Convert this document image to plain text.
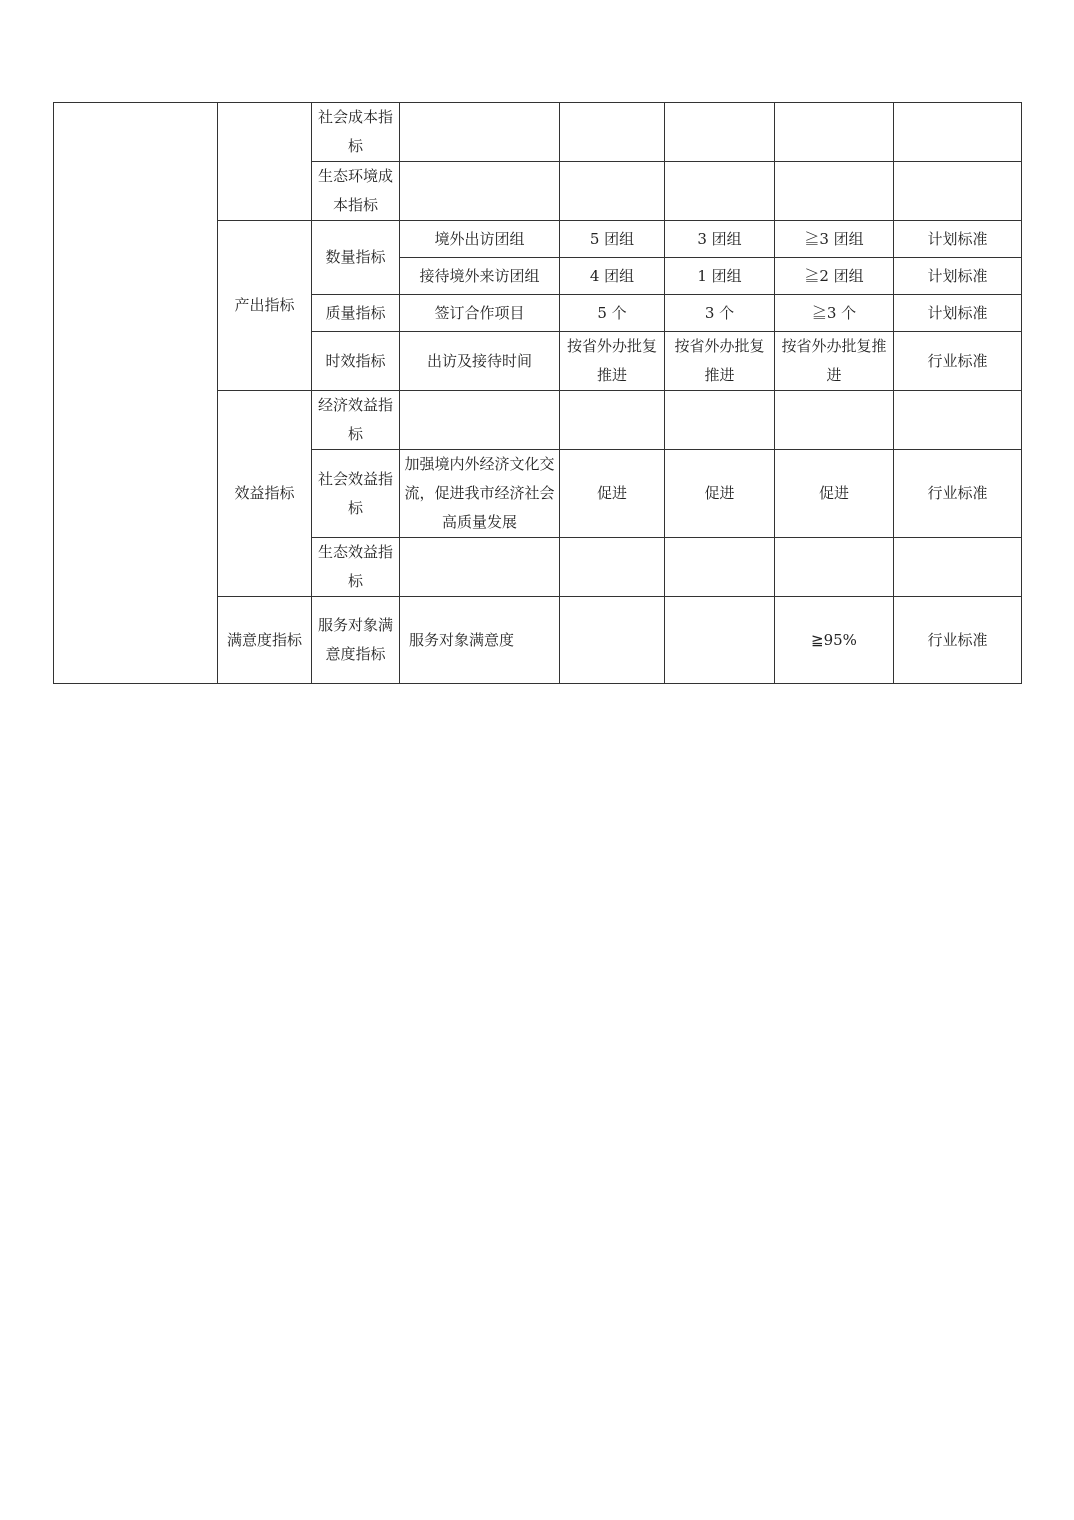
		社会成本指标					
		生态环境成本指标					
	产出指标	数量指标	境外出访团组	5 团组	3 团组	≧3 团组	计划标准
			接待境外来访团组	4 团组	1 团组	≧2 团组	计划标准
		质量指标	签订合作项目	5 个	3 个	≧3 个	计划标准
		时效指标	出访及接待时间	按省外办批复推进	按省外办批复推进	按省外办批复推进	行业标准
	效益指标	经济效益指标					
		社会效益指标	加强境内外经济文化交流，促进我市经济社会高质量发展	促进	促进	促进	行业标准
		生态效益指标					
	满意度指标	服务对象满意度指标	服务对象满意度			≧95%	行业标准
